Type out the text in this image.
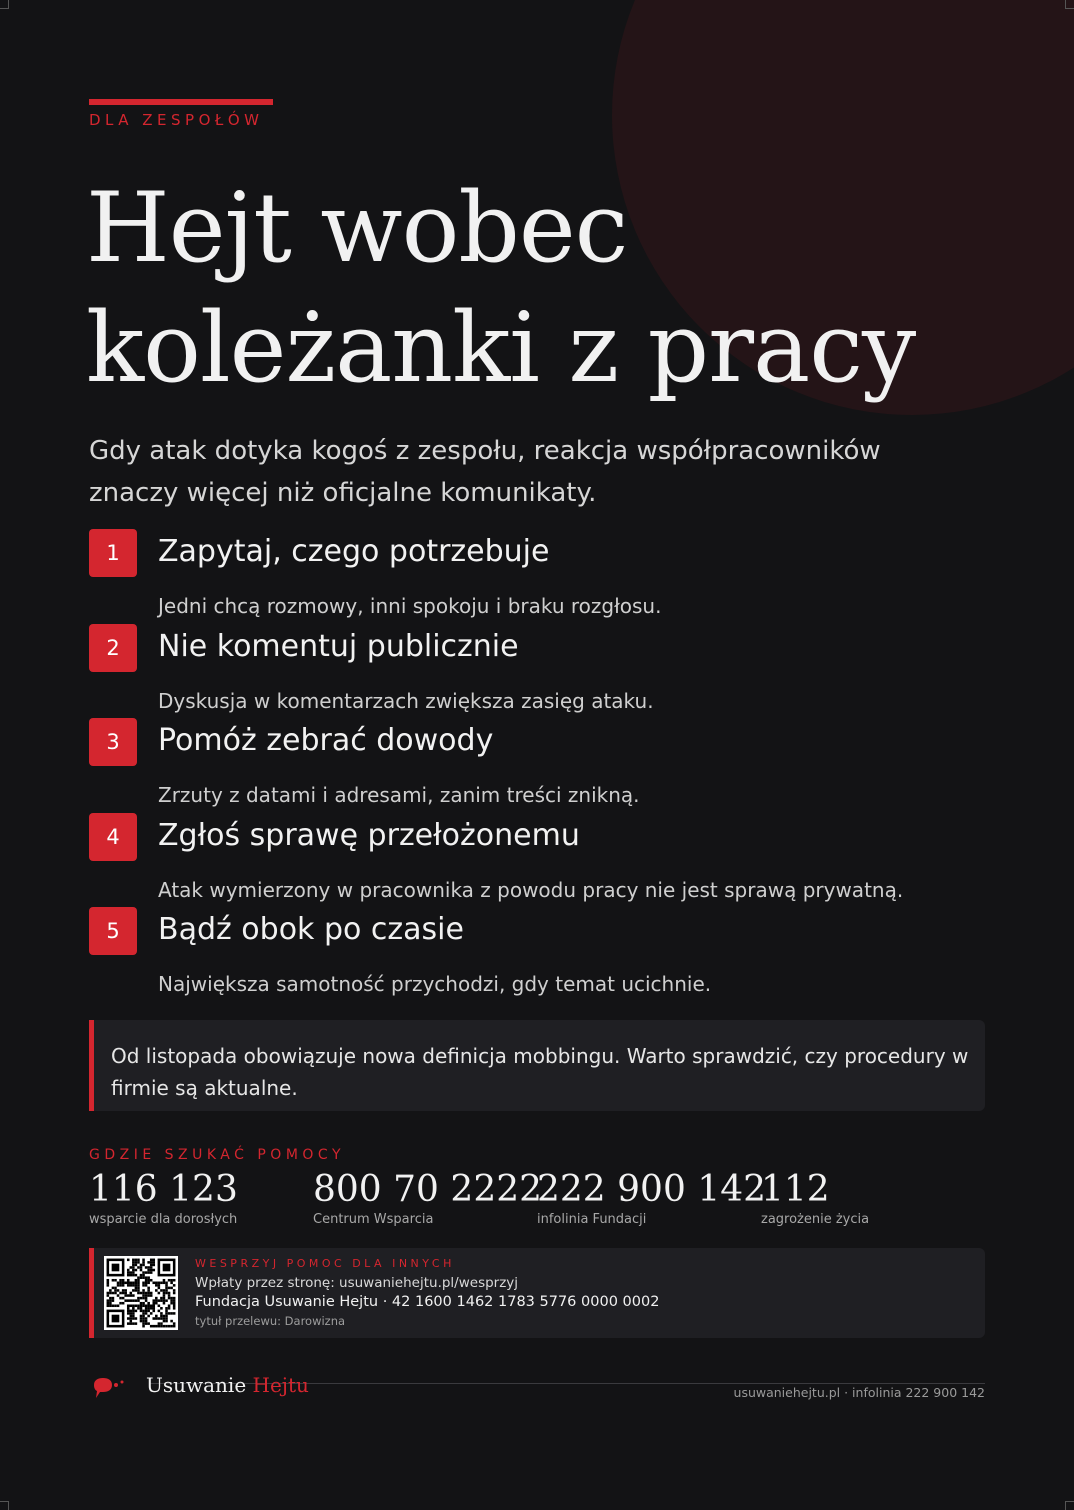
DLA ZESPOŁÓW
Hejt wobec
koleżanki z pracy

Gdy atak dotyka kogoś z zespołu, reakcja współpracowników znaczy więcej niż oficjalne komunikaty.

1	Zapytaj, czego potrzebuje
Jedni chcą rozmowy, inni spokoju i braku rozgłosu.
2	Nie komentuj publicznie
Dyskusja w komentarzach zwiększa zasięg ataku.
3	Pomóż zebrać dowody
Zrzuty z datami i adresami, zanim treści znikną.
4	Zgłoś sprawę przełożonemu
Atak wymierzony w pracownika z powodu pracy nie jest sprawą prywatną.
5	Bądź obok po czasie
Największa samotność przychodzi, gdy temat ucichnie.

Od listopada obowiązuje nowa definicja mobbingu. Warto sprawdzić, czy procedury w firmie są aktualne.

GDZIE SZUKAĆ POMOCY
116 123
wsparcie dla dorosłych
800 70 2222
Centrum Wsparcia
222 900 142
infolinia Fundacji
112
zagrożenie życia
WESPRZYJ POMOC DLA INNYCH
Wpłaty przez stronę: usuwaniehejtu.pl/wesprzyj
Fundacja Usuwanie Hejtu · 42 1600 1462 1783 5776 0000 0002
tytuł przelewu: Darowizna
Usuwanie Hejtu	usuwaniehejtu.pl · infolinia 222 900 142
